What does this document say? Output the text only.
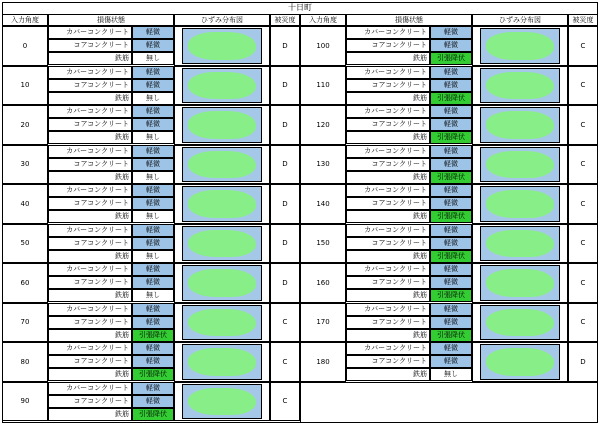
十日町
入力角度	損傷状態	ひずみ分布図	被災度	入力角度	損傷状態	ひずみ分布図	被災度
0
カバーコンクリート	軽微
コアコンクリート	軽微
鉄筋	無し
D
10
カバーコンクリート	軽微
コアコンクリート	軽微
鉄筋	無し
D
20
カバーコンクリート	軽微
コアコンクリート	軽微
鉄筋	無し
D
30
カバーコンクリート	軽微
コアコンクリート	軽微
鉄筋	無し
D
40
カバーコンクリート	軽微
コアコンクリート	軽微
鉄筋	無し
D
50
カバーコンクリート	軽微
コアコンクリート	軽微
鉄筋	無し
D
60
カバーコンクリート	軽微
コアコンクリート	軽微
鉄筋	無し
D
70
カバーコンクリート	軽微
コアコンクリート	軽微
鉄筋	引張降伏
C
80
カバーコンクリート	軽微
コアコンクリート	軽微
鉄筋	引張降伏
C
90
カバーコンクリート	軽微
コアコンクリート	軽微
鉄筋	引張降伏
C
100
カバーコンクリート	軽微
コアコンクリート	軽微
鉄筋	引張降伏
C
110
カバーコンクリート	軽微
コアコンクリート	軽微
鉄筋	引張降伏
C
120
カバーコンクリート	軽微
コアコンクリート	軽微
鉄筋	引張降伏
C
130
カバーコンクリート	軽微
コアコンクリート	軽微
鉄筋	引張降伏
C
140
カバーコンクリート	軽微
コアコンクリート	軽微
鉄筋	引張降伏
C
150
カバーコンクリート	軽微
コアコンクリート	軽微
鉄筋	引張降伏
C
160
カバーコンクリート	軽微
コアコンクリート	軽微
鉄筋	引張降伏
C
170
カバーコンクリート	軽微
コアコンクリート	軽微
鉄筋	引張降伏
C
180
カバーコンクリート	軽微
コアコンクリート	軽微
鉄筋	無し
D
